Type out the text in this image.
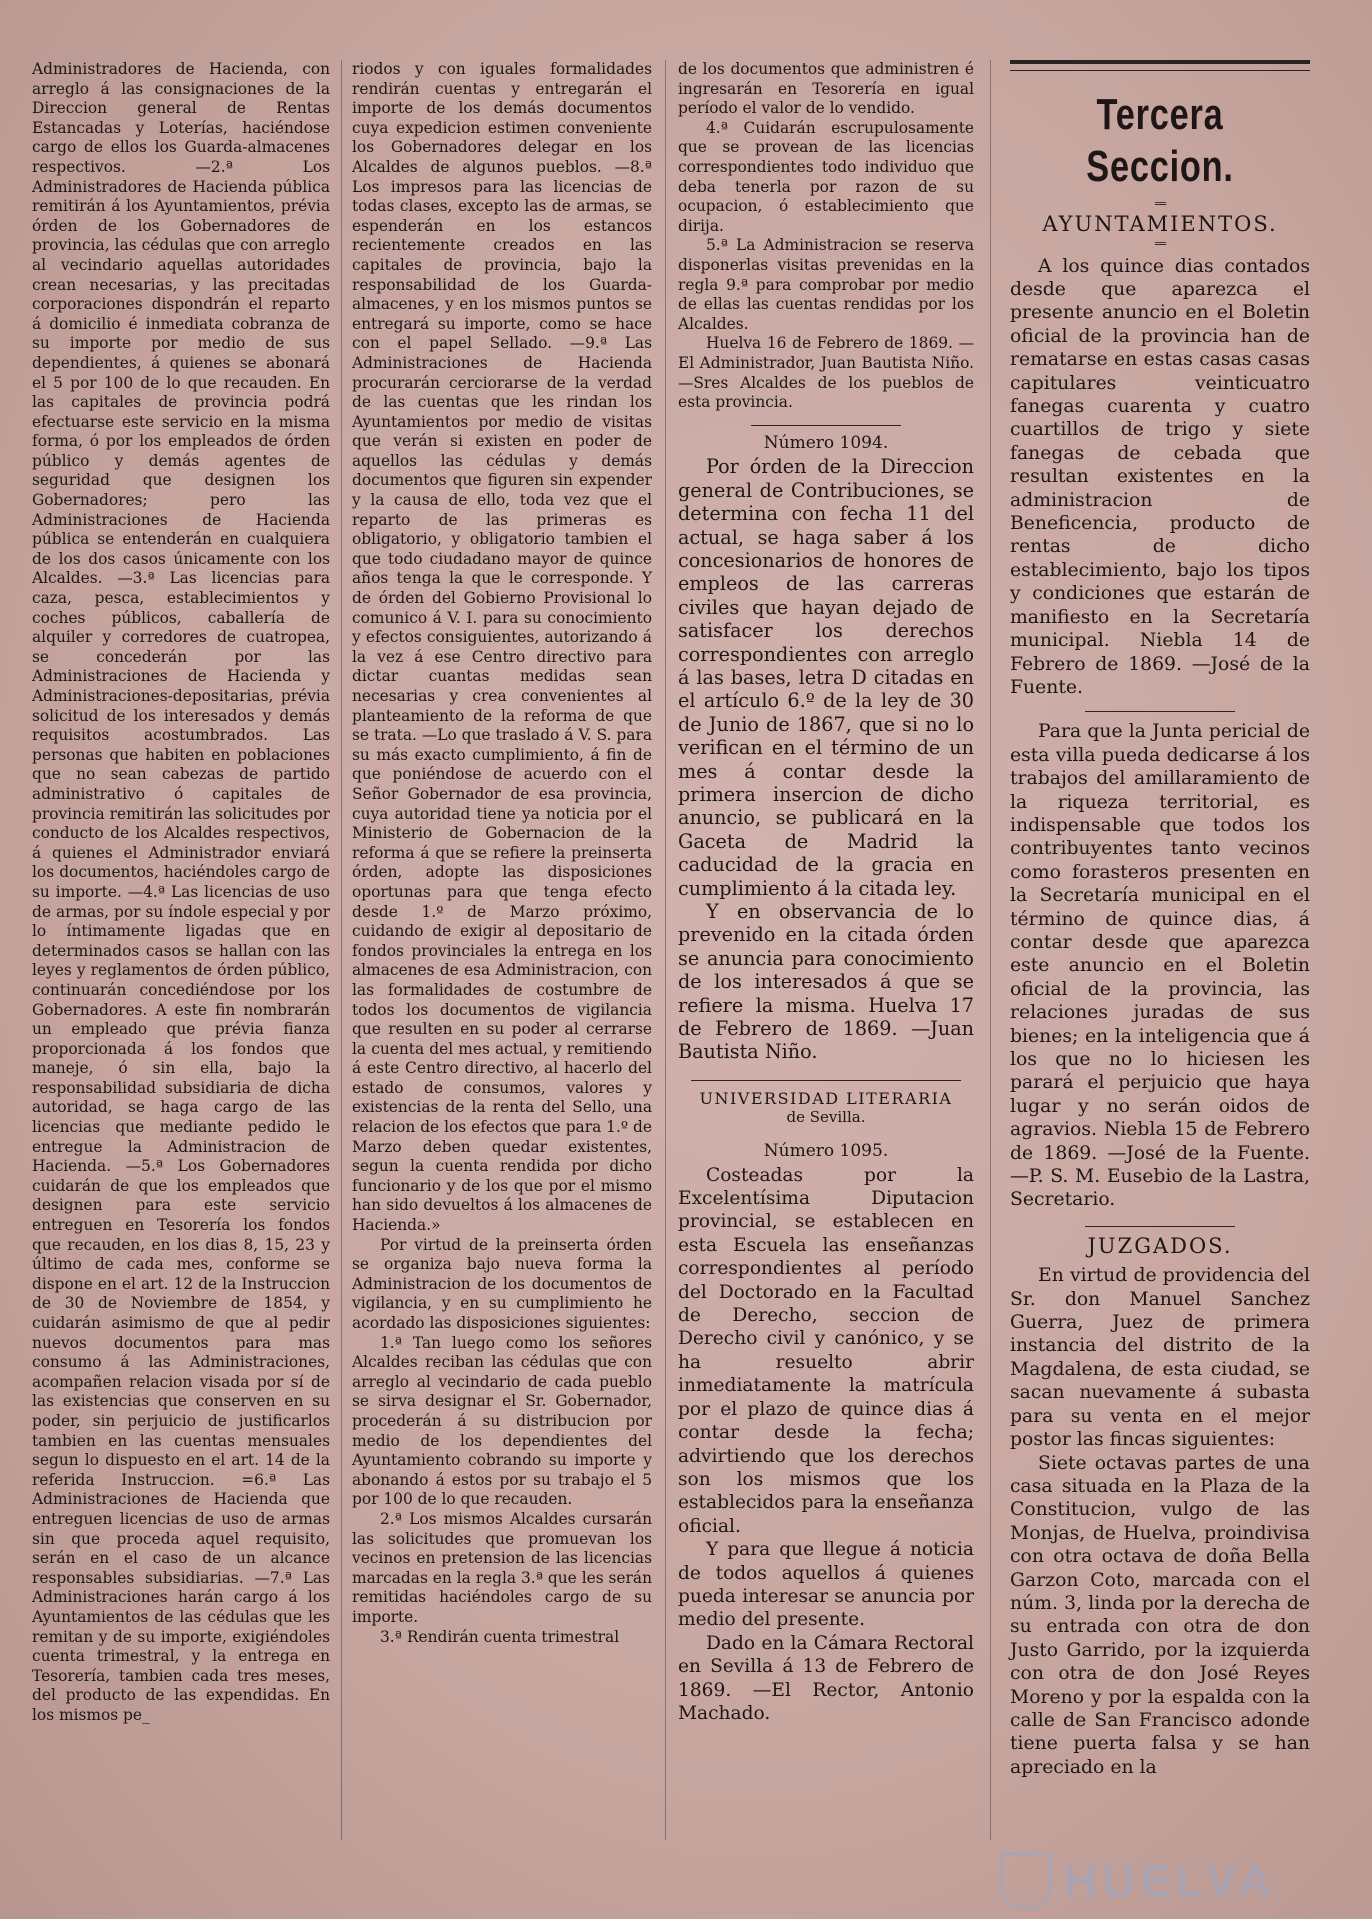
Administradores de Hacienda, con arreglo á las consignaciones de la Direccion general de Rentas Estancadas y Loterías, haciéndose cargo de ellos los Guarda-almacenes respectivos. —2.ª Los Administradores de Hacienda pública remitirán á los Ayuntamientos, prévia órden de los Gobernadores de provincia, las cédulas que con arreglo al vecindario aquellas autoridades crean necesarias, y las precitadas corporaciones dispondrán el reparto á domicilio é inmediata cobranza de su importe por medio de sus dependientes, á quienes se abonará el 5 por 100 de lo que recauden. En las capitales de provincia podrá efectuarse este servicio en la misma forma, ó por los empleados de órden público y demás agentes de seguridad que designen los Gobernadores; pero las Administraciones de Hacienda pública se entenderán en cualquiera de los dos casos únicamente con los Alcaldes. —3.ª Las licencias para caza, pesca, establecimientos y coches públicos, caballería de alquiler y corredores de cuatropea, se concederán por las Administraciones de Hacienda y Administraciones-depositarias, prévia solicitud de los interesados y demás requisitos acostumbrados. Las personas que habiten en poblaciones que no sean cabezas de partido administrativo ó capitales de provincia remitirán las solicitudes por conducto de los Alcaldes respectivos, á quienes el Administrador enviará los documentos, haciéndoles cargo de su importe. —4.ª Las licencias de uso de armas, por su índole especial y por lo íntimamente ligadas que en determinados casos se hallan con las leyes y reglamentos de órden público, continuarán concediéndose por los Gobernadores. A este fin nombrarán un empleado que prévia fianza proporcionada á los fondos que maneje, ó sin ella, bajo la responsabilidad subsidiaria de dicha autoridad, se haga cargo de las licencias que mediante pedido le entregue la Administracion de Hacienda. —5.ª Los Gobernadores cuidarán de que los empleados que designen para este servicio entreguen en Tesorería los fondos que recauden, en los dias 8, 15, 23 y último de cada mes, conforme se dispone en el art. 12 de la Instruccion de 30 de Noviembre de 1854, y cuidarán asimismo de que al pedir nuevos documentos para mas consumo á las Administraciones, acompañen relacion visada por sí de las existencias que conserven en su poder, sin perjuicio de justificarlos tambien en las cuentas mensuales segun lo dispuesto en el art. 14 de la referida Instruccion. =6.ª Las Administraciones de Hacienda que entreguen licencias de uso de armas sin que proceda aquel requisito, serán en el caso de un alcance responsables subsidiarias. —7.ª Las Administraciones harán cargo á los Ayuntamientos de las cédulas que les remitan y de su importe, exigiéndoles cuenta trimestral, y la entrega en Tesorería, tambien cada tres meses, del producto de las expendidas. En los mismos pe_

riodos y con iguales formalidades rendirán cuentas y entregarán el importe de los demás documentos cuya expedicion estimen conveniente los Gobernadores delegar en los Alcaldes de algunos pueblos. —8.ª Los impresos para las licencias de todas clases, excepto las de armas, se espenderán en los estancos recientemente creados en las capitales de provincia, bajo la responsabilidad de los Guarda-almacenes, y en los mismos puntos se entregará su importe, como se hace con el papel Sellado. —9.ª Las Administraciones de Hacienda procurarán cerciorarse de la verdad de las cuentas que les rindan los Ayuntamientos por medio de visitas que verán si existen en poder de aquellos las cédulas y demás documentos que figuren sin expender y la causa de ello, toda vez que el reparto de las primeras es obligatorio, y obligatorio tambien el que todo ciudadano mayor de quince años tenga la que le corresponde. Y de órden del Gobierno Provisional lo comunico á V. I. para su conocimiento y efectos consiguientes, autorizando á la vez á ese Centro directivo para dictar cuantas medidas sean necesarias y crea convenientes al planteamiento de la reforma de que se trata. —Lo que traslado á V. S. para su más exacto cumplimiento, á fin de que poniéndose de acuerdo con el Señor Gobernador de esa provincia, cuya autoridad tiene ya noticia por el Ministerio de Gobernacion de la reforma á que se refiere la preinserta órden, adopte las disposiciones oportunas para que tenga efecto desde 1.º de Marzo próximo, cuidando de exigir al depositario de fondos provinciales la entrega en los almacenes de esa Administracion, con las formalidades de costumbre de todos los documentos de vigilancia que resulten en su poder al cerrarse la cuenta del mes actual, y remitiendo á este Centro directivo, al hacerlo del estado de consumos, valores y existencias de la renta del Sello, una relacion de los efectos que para 1.º de Marzo deben quedar existentes, segun la cuenta rendida por dicho funcionario y de los que por el mismo han sido devueltos á los almacenes de Hacienda.»

Por virtud de la preinserta órden se organiza bajo nueva forma la Administracion de los documentos de vigilancia, y en su cumplimiento he acordado las disposiciones siguientes:

1.ª Tan luego como los señores Alcaldes reciban las cédulas que con arreglo al vecindario de cada pueblo se sirva designar el Sr. Gobernador, procederán á su distribucion por medio de los dependientes del Ayuntamiento cobrando su importe y abonando á estos por su trabajo el 5 por 100 de lo que recauden.

2.ª Los mismos Alcaldes cursarán las solicitudes que promuevan los vecinos en pretension de las licencias marcadas en la regla 3.ª que les serán remitidas haciéndoles cargo de su importe.

3.ª Rendirán cuenta trimestral

de los documentos que administren é ingresarán en Tesorería en igual período el valor de lo vendido.

4.ª Cuidarán escrupulosamente que se provean de las licencias correspondientes todo individuo que deba tenerla por razon de su ocupacion, ó establecimiento que dirija.

5.ª La Administracion se reserva disponerlas visitas prevenidas en la regla 9.ª para comprobar por medio de ellas las cuentas rendidas por los Alcaldes.

Huelva 16 de Febrero de 1869. —El Administrador, Juan Bautista Niño. —Sres Alcaldes de los pueblos de esta provincia.

Número 1094.

Por órden de la Direccion general de Contribuciones, se determina con fecha 11 del actual, se haga saber á los concesionarios de honores de empleos de las carreras civiles que hayan dejado de satisfacer los derechos correspondientes con arreglo á las bases, letra D citadas en el artículo 6.º de la ley de 30 de Junio de 1867, que si no lo verifican en el término de un mes á contar desde la primera insercion de dicho anuncio, se publicará en la Gaceta de Madrid la caducidad de la gracia en cumplimiento á la citada ley.

Y en observancia de lo prevenido en la citada órden se anuncia para conocimiento de los interesados á que se refiere la misma. Huelva 17 de Febrero de 1869. —Juan Bautista Niño.

UNIVERSIDAD LITERARIA
de Sevilla.
Número 1095.

Costeadas por la Excelentísima Diputacion provincial, se establecen en esta Escuela las enseñanzas correspondientes al período del Doctorado en la Facultad de Derecho, seccion de Derecho civil y canónico, y se ha resuelto abrir inmediatamente la matrícula por el plazo de quince dias á contar desde la fecha; advirtiendo que los derechos son los mismos que los establecidos para la enseñanza oficial.

Y para que llegue á noticia de todos aquellos á quienes pueda interesar se anuncia por medio del presente.

Dado en la Cámara Rectoral en Sevilla á 13 de Febrero de 1869. —El Rector, Antonio Machado.

Tercera Seccion.
══
AYUNTAMIENTOS.
══

A los quince dias contados desde que aparezca el presente anuncio en el Boletin oficial de la provincia han de rematarse en estas casas casas capitulares veinticuatro fanegas cuarenta y cuatro cuartillos de trigo y siete fanegas de cebada que resultan existentes en la administracion de Beneficencia, producto de rentas de dicho establecimiento, bajo los tipos y condiciones que estarán de manifiesto en la Secretaría municipal. Niebla 14 de Febrero de 1869. —José de la Fuente.

Para que la Junta pericial de esta villa pueda dedicarse á los trabajos del amillaramiento de la riqueza territorial, es indispensable que todos los contribuyentes tanto vecinos como forasteros presenten en la Secretaría municipal en el término de quince dias, á contar desde que aparezca este anuncio en el Boletin oficial de la provincia, las relaciones juradas de sus bienes; en la inteligencia que á los que no lo hiciesen les parará el perjuicio que haya lugar y no serán oidos de agravios. Niebla 15 de Febrero de 1869. —José de la Fuente. —P. S. M. Eusebio de la Lastra, Secretario.

JUZGADOS.

En virtud de providencia del Sr. don Manuel Sanchez Guerra, Juez de primera instancia del distrito de la Magdalena, de esta ciudad, se sacan nuevamente á subasta para su venta en el mejor postor las fincas siguientes:

Siete octavas partes de una casa situada en la Plaza de la Constitucion, vulgo de las Monjas, de Huelva, proindivisa con otra octava de doña Bella Garzon Coto, marcada con el núm. 3, linda por la derecha de su entrada con otra de don Justo Garrido, por la izquierda con otra de don José Reyes Moreno y por la espalda con la calle de San Francisco adonde tiene puerta falsa y se han apreciado en la

HUELVA
